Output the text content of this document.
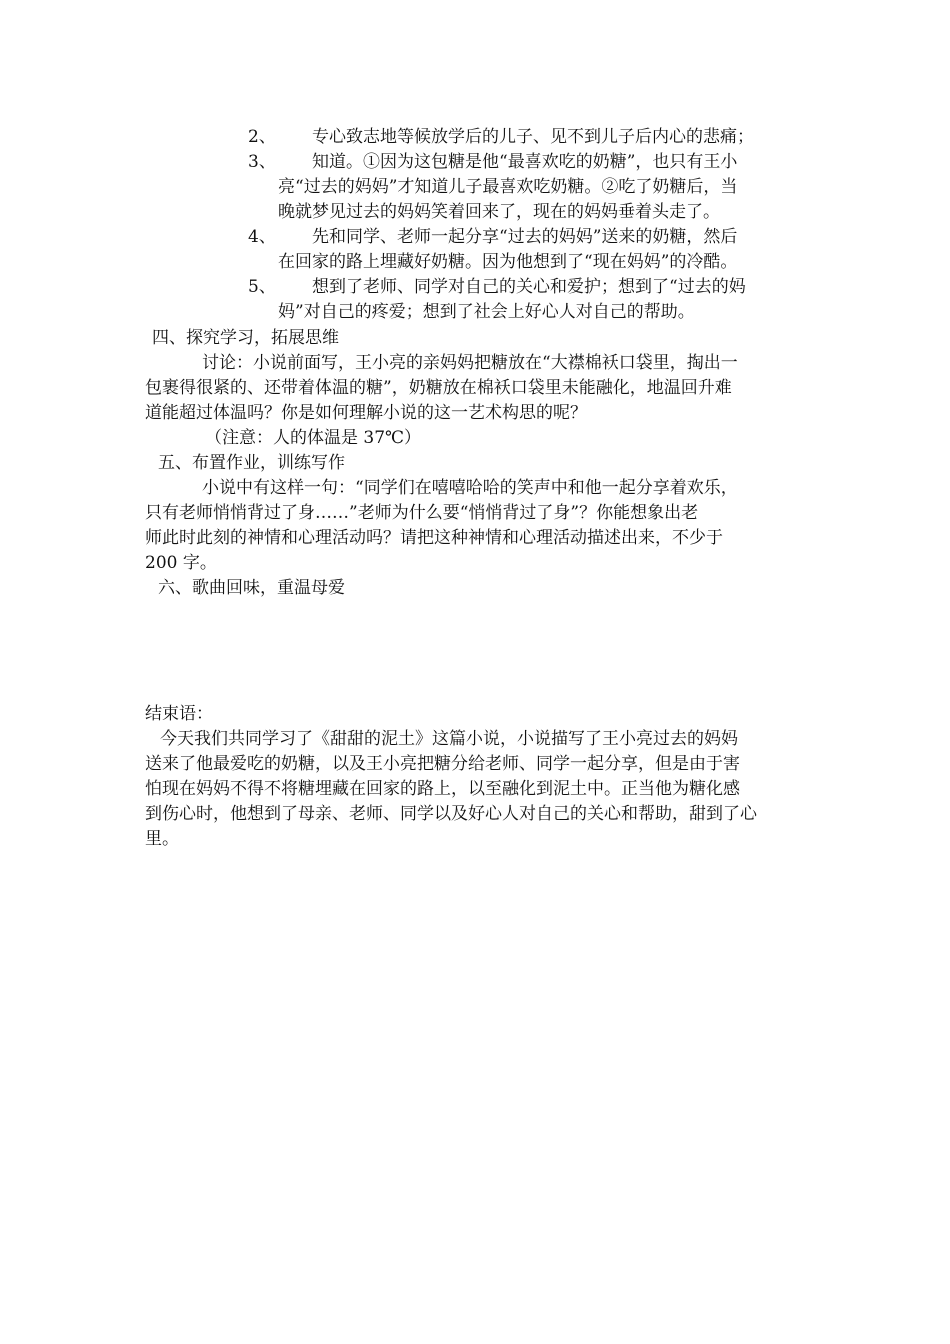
2、 专心致志地等候放学后的儿子、见不到儿子后内心的悲痛；
3、 知道。①因为这包糖是他“最喜欢吃的奶糖”，也只有王小
亮“过去的妈妈”才知道儿子最喜欢吃奶糖。②吃了奶糖后，当
晚就梦见过去的妈妈笑着回来了，现在的妈妈垂着头走了。
4、 先和同学、老师一起分享“过去的妈妈”送来的奶糖，然后
在回家的路上埋藏好奶糖。因为他想到了“现在妈妈”的冷酷。
5、 想到了老师、同学对自己的关心和爱护；想到了“过去的妈
妈”对自己的疼爱；想到了社会上好心人对自己的帮助。
四、探究学习，拓展思维
讨论：小说前面写，王小亮的亲妈妈把糖放在“大襟棉袄口袋里，掏出一
包裹得很紧的、还带着体温的糖”，奶糖放在棉袄口袋里未能融化，地温回升难
道能超过体温吗？你是如何理解小说的这一艺术构思的呢？
（注意：人的体温是 37℃）
五、布置作业，训练写作
小说中有这样一句：“同学们在嘻嘻哈哈的笑声中和他一起分享着欢乐，
只有老师悄悄背过了身……”老师为什么要“悄悄背过了身”？你能想象出老
师此时此刻的神情和心理活动吗？请把这种神情和心理活动描述出来，不少于
200 字。
六、歌曲回味，重温母爱
结束语：
今天我们共同学习了《甜甜的泥土》这篇小说，小说描写了王小亮过去的妈妈
送来了他最爱吃的奶糖，以及王小亮把糖分给老师、同学一起分享，但是由于害
怕现在妈妈不得不将糖埋藏在回家的路上，以至融化到泥土中。正当他为糖化感
到伤心时，他想到了母亲、老师、同学以及好心人对自己的关心和帮助，甜到了心
里。
